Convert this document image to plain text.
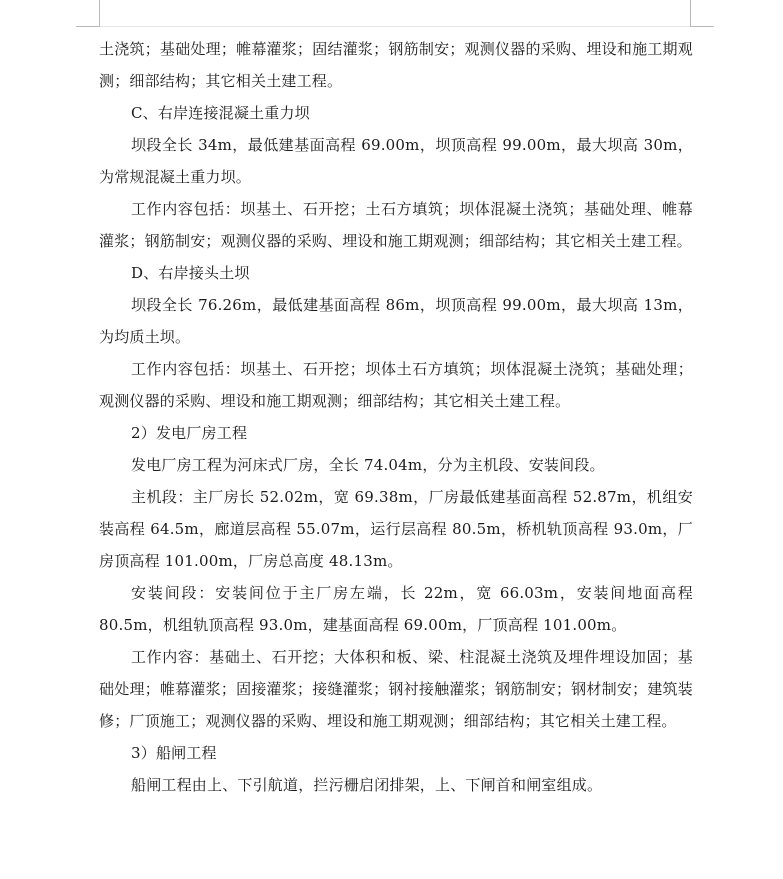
土浇筑；基础处理；帷幕灌浆；固结灌浆；钢筋制安；观测仪器的采购、埋设和施工期观测；细部结构；其它相关土建工程。

C、右岸连接混凝土重力坝

坝段全长 34m，最低建基面高程 69.00m，坝顶高程 99.00m，最大坝高 30m，为常规混凝土重力坝。

工作内容包括：坝基土、石开挖；土石方填筑；坝体混凝土浇筑；基础处理、帷幕灌浆；钢筋制安；观测仪器的采购、埋设和施工期观测；细部结构；其它相关土建工程。

D、右岸接头土坝

坝段全长 76.26m，最低建基面高程 86m，坝顶高程 99.00m，最大坝高 13m，为均质土坝。

工作内容包括：坝基土、石开挖；坝体土石方填筑；坝体混凝土浇筑；基础处理；观测仪器的采购、埋设和施工期观测；细部结构；其它相关土建工程。

2）发电厂房工程

发电厂房工程为河床式厂房，全长 74.04m，分为主机段、安装间段。

主机段：主厂房长 52.02m，宽 69.38m，厂房最低建基面高程 52.87m，机组安装高程 64.5m，廊道层高程 55.07m，运行层高程 80.5m，桥机轨顶高程 93.0m，厂房顶高程 101.00m，厂房总高度 48.13m。

安装间段：安装间位于主厂房左端，长 22m，宽 66.03m，安装间地面高程 80.5m，机组轨顶高程 93.0m，建基面高程 69.00m，厂顶高程 101.00m。

工作内容：基础土、石开挖；大体积和板、梁、柱混凝土浇筑及埋件埋设加固；基础处理；帷幕灌浆；固接灌浆；接缝灌浆；钢衬接触灌浆；钢筋制安；钢材制安；建筑装修；厂顶施工；观测仪器的采购、埋设和施工期观测；细部结构；其它相关土建工程。

3）船闸工程

船闸工程由上、下引航道，拦污栅启闭排架，上、下闸首和闸室组成。
